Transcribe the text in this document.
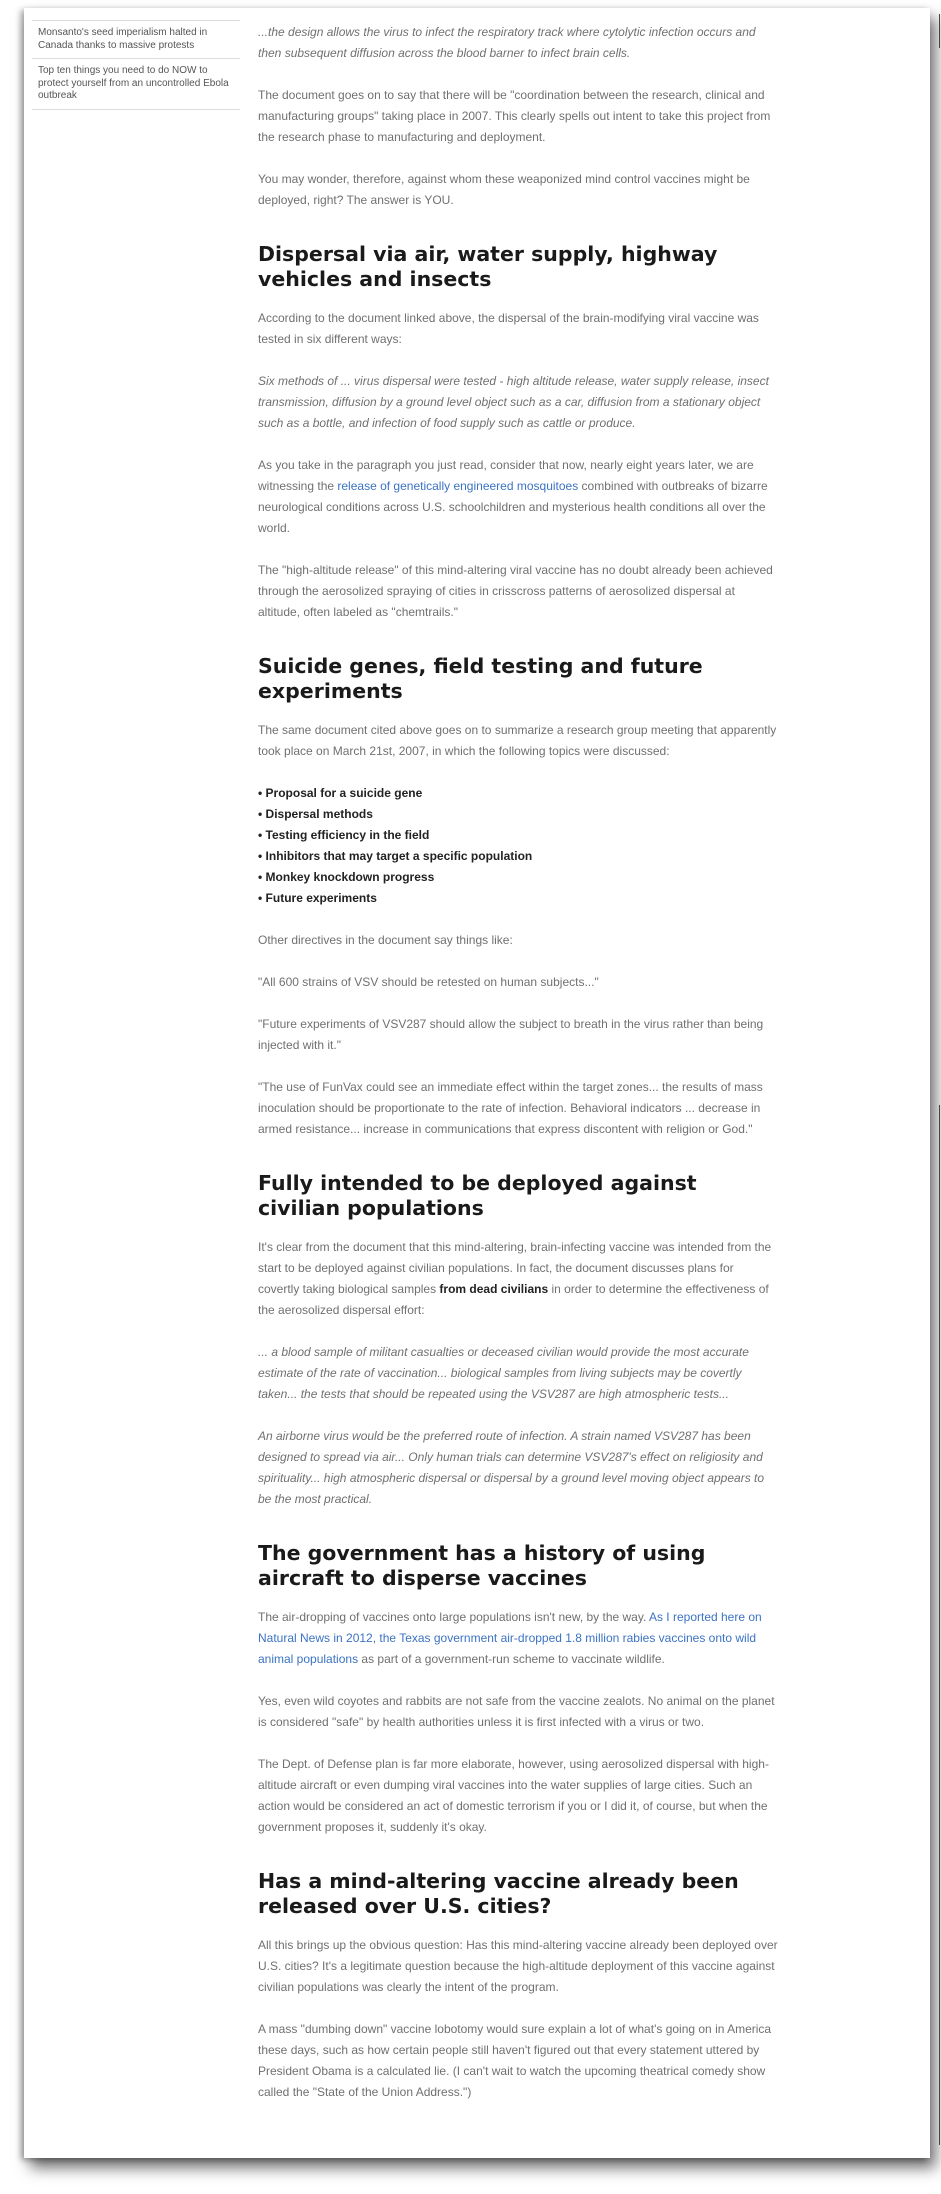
Monsanto's seed imperialism halted in Canada thanks to massive protests
Top ten things you need to do NOW to protect yourself from an uncontrolled Ebola outbreak

...the design allows the virus to infect the respiratory track where cytolytic infection occurs and then subsequent diffusion across the blood barner to infect brain cells.

The document goes on to say that there will be "coordination between the research, clinical and manufacturing groups" taking place in 2007. This clearly spells out intent to take this project from the research phase to manufacturing and deployment.

You may wonder, therefore, against whom these weaponized mind control vaccines might be deployed, right? The answer is YOU.

Dispersal via air, water supply, highway vehicles and insects

According to the document linked above, the dispersal of the brain-modifying viral vaccine was tested in six different ways:

Six methods of ... virus dispersal were tested - high altitude release, water supply release, insect transmission, diffusion by a ground level object such as a car, diffusion from a stationary object such as a bottle, and infection of food supply such as cattle or produce.

As you take in the paragraph you just read, consider that now, nearly eight years later, we are witnessing the release of genetically engineered mosquitoes combined with outbreaks of bizarre neurological conditions across U.S. schoolchildren and mysterious health conditions all over the world.

The "high-altitude release" of this mind-altering viral vaccine has no doubt already been achieved through the aerosolized spraying of cities in crisscross patterns of aerosolized dispersal at altitude, often labeled as "chemtrails."

Suicide genes, field testing and future experiments

The same document cited above goes on to summarize a research group meeting that apparently took place on March 21st, 2007, in which the following topics were discussed:

• Proposal for a suicide gene
• Dispersal methods
• Testing efficiency in the field
• Inhibitors that may target a specific population
• Monkey knockdown progress
• Future experiments

Other directives in the document say things like:

"All 600 strains of VSV should be retested on human subjects..."

"Future experiments of VSV287 should allow the subject to breath in the virus rather than being injected with it."

"The use of FunVax could see an immediate effect within the target zones... the results of mass inoculation should be proportionate to the rate of infection. Behavioral indicators ... decrease in armed resistance... increase in communications that express discontent with religion or God."

Fully intended to be deployed against civilian populations

It's clear from the document that this mind-altering, brain-infecting vaccine was intended from the start to be deployed against civilian populations. In fact, the document discusses plans for covertly taking biological samples from dead civilians in order to determine the effectiveness of the aerosolized dispersal effort:

... a blood sample of militant casualties or deceased civilian would provide the most accurate estimate of the rate of vaccination... biological samples from living subjects may be covertly taken... the tests that should be repeated using the VSV287 are high atmospheric tests...

An airborne virus would be the preferred route of infection. A strain named VSV287 has been designed to spread via air... Only human trials can determine VSV287's effect on religiosity and spirituality... high atmospheric dispersal or dispersal by a ground level moving object appears to be the most practical.

The government has a history of using aircraft to disperse vaccines

The air-dropping of vaccines onto large populations isn't new, by the way. As I reported here on Natural News in 2012, the Texas government air-dropped 1.8 million rabies vaccines onto wild animal populations as part of a government-run scheme to vaccinate wildlife.

Yes, even wild coyotes and rabbits are not safe from the vaccine zealots. No animal on the planet is considered "safe" by health authorities unless it is first infected with a virus or two.

The Dept. of Defense plan is far more elaborate, however, using aerosolized dispersal with high-altitude aircraft or even dumping viral vaccines into the water supplies of large cities. Such an action would be considered an act of domestic terrorism if you or I did it, of course, but when the government proposes it, suddenly it's okay.

Has a mind-altering vaccine already been released over U.S. cities?

All this brings up the obvious question: Has this mind-altering vaccine already been deployed over U.S. cities? It's a legitimate question because the high-altitude deployment of this vaccine against civilian populations was clearly the intent of the program.

A mass "dumbing down" vaccine lobotomy would sure explain a lot of what's going on in America these days, such as how certain people still haven't figured out that every statement uttered by President Obama is a calculated lie. (I can't wait to watch the upcoming theatrical comedy show called the "State of the Union Address.")
